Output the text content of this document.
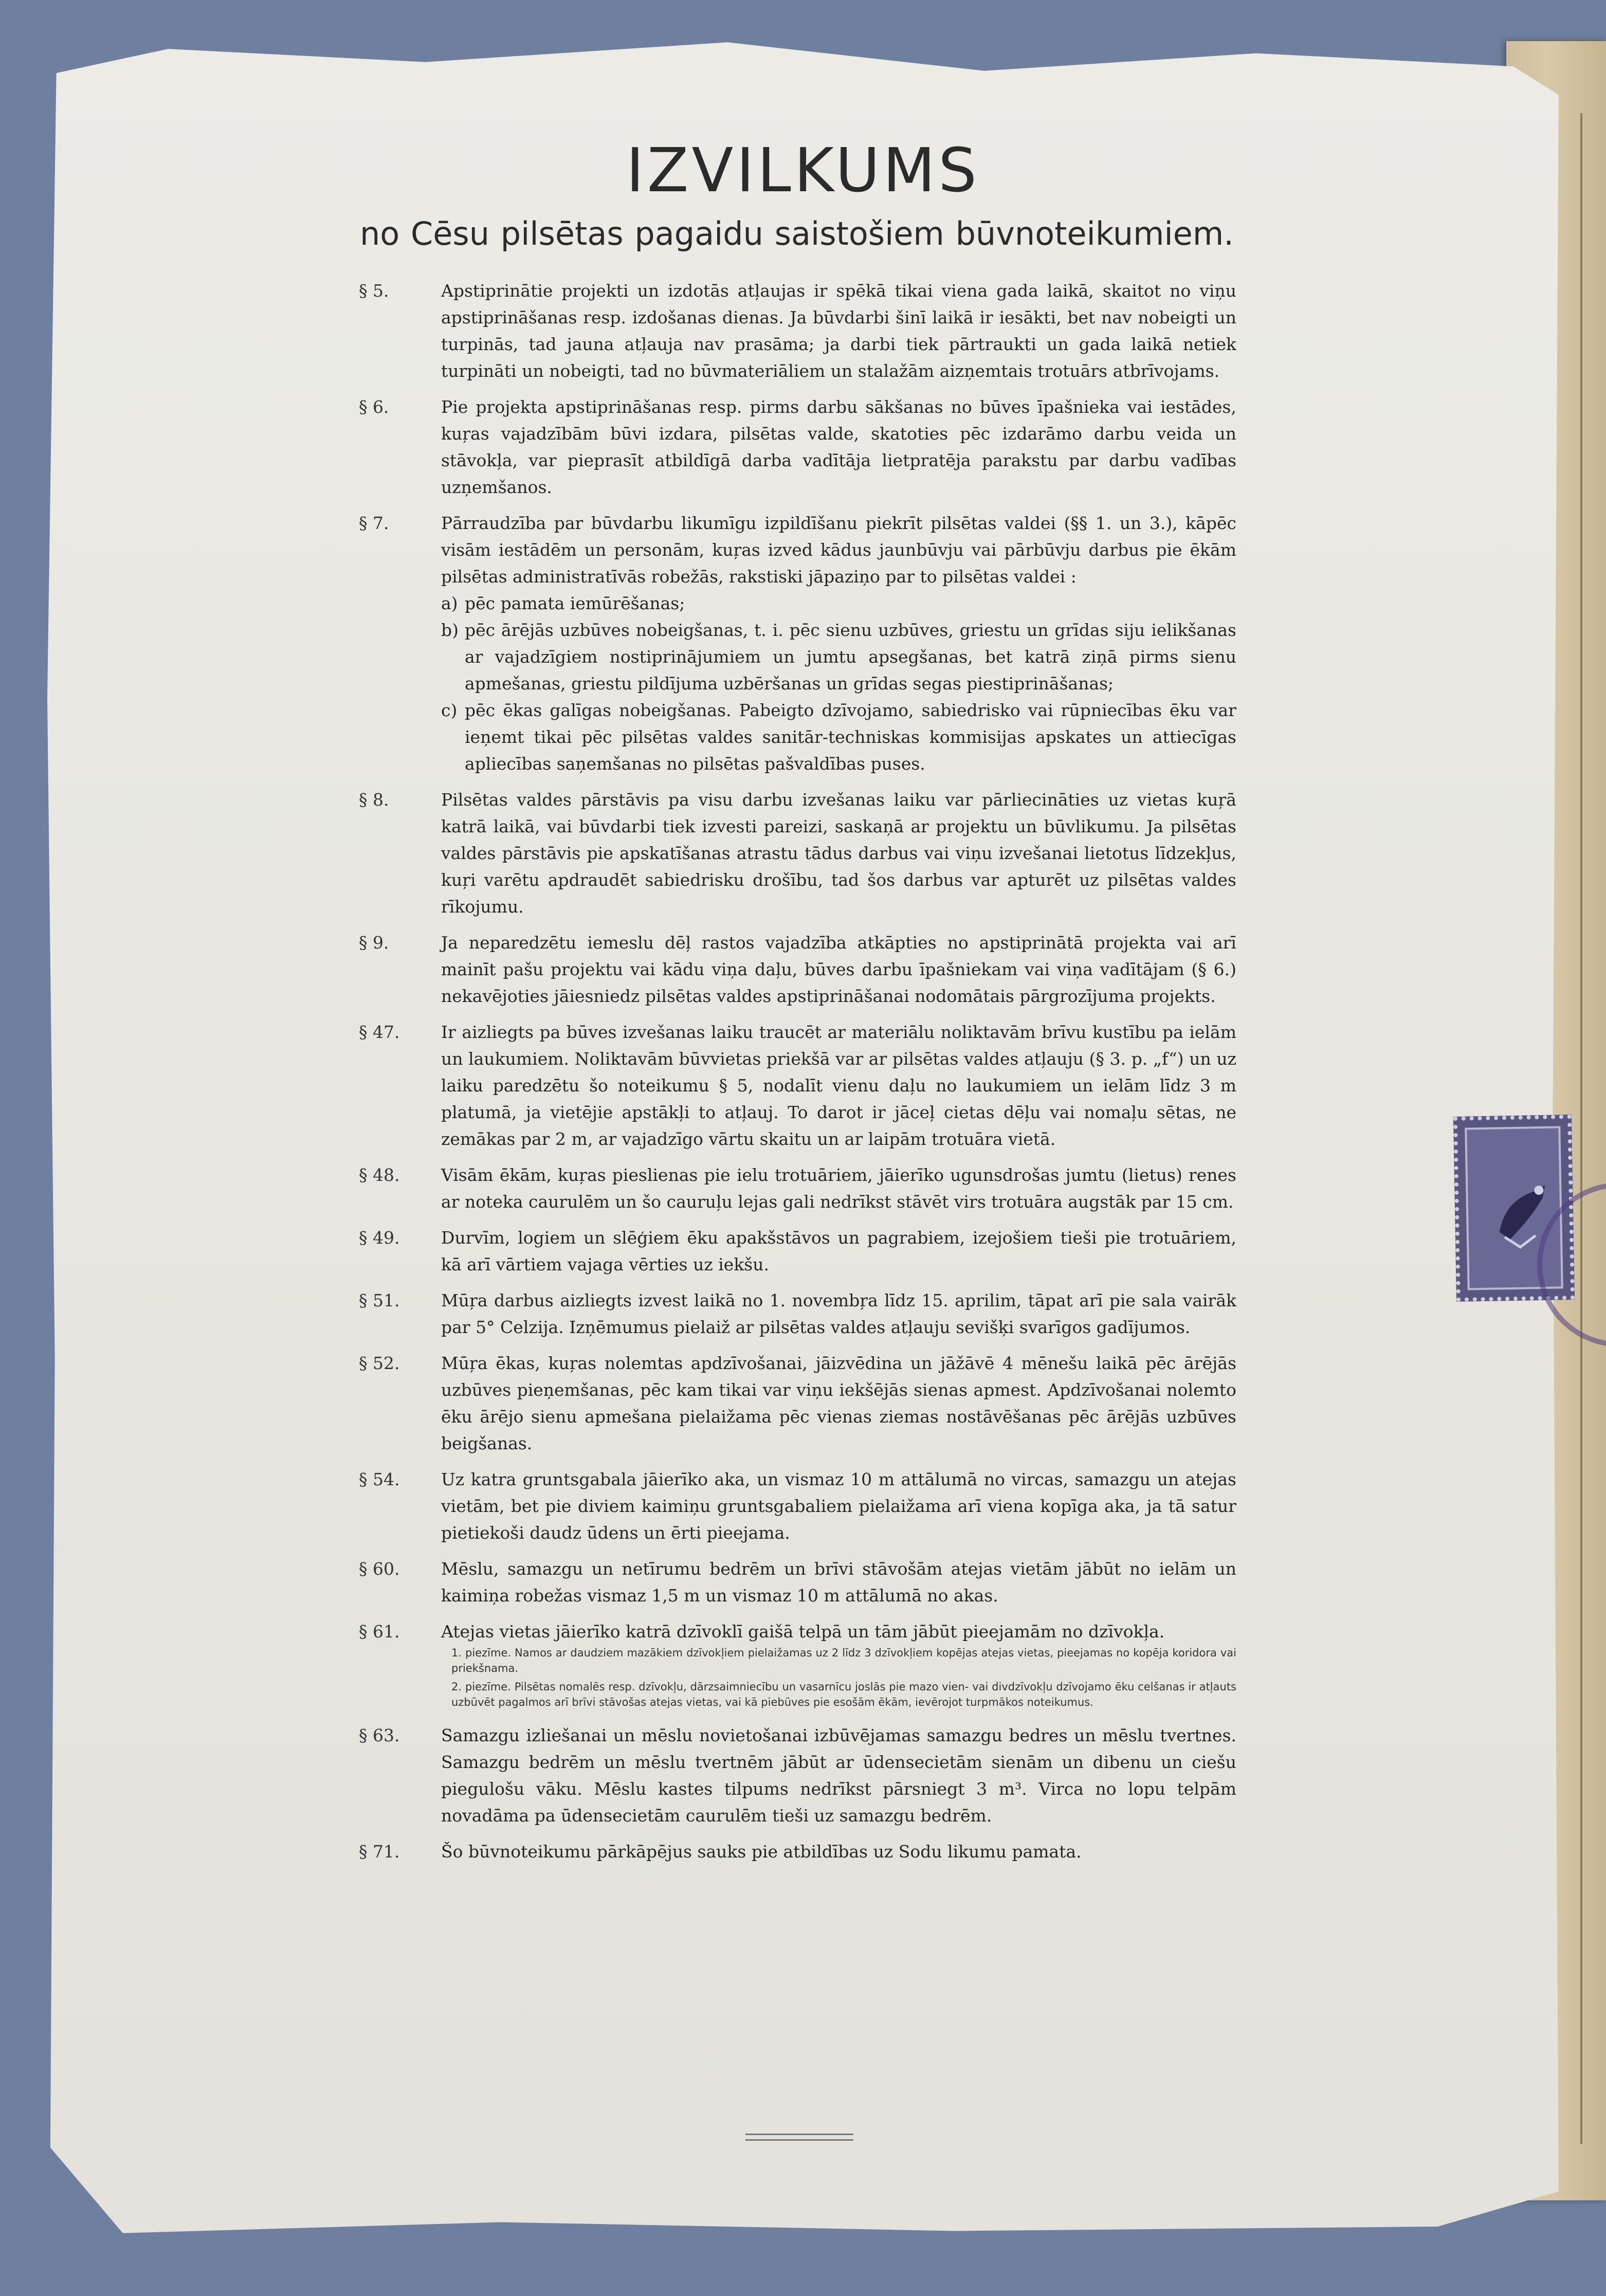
IZVILKUMS

no Cēsu pilsētas pagaidu saistošiem būvnoteikumiem.

§ 5.	Apstiprinātie projekti un izdotās atļaujas ir spēkā tikai viena gada laikā, skaitot no viņu apstiprināšanas resp. izdošanas dienas. Ja būvdarbi šinī laikā ir iesākti, bet nav nobeigti un turpinās, tad jauna atļauja nav prasāma; ja darbi tiek pārtraukti un gada laikā netiek turpināti un nobeigti, tad no būvmateriāliem un stalažām aizņemtais trotuārs atbrīvojams.

§ 6.	Pie projekta apstiprināšanas resp. pirms darbu sākšanas no būves īpašnieka vai iestādes, kuŗas vajadzībām būvi izdara, pilsētas valde, skatoties pēc izdarāmo darbu veida un stāvokļa, var pieprasīt atbildīgā darba vadītāja lietpratēja parakstu par darbu vadības uzņemšanos.

§ 7.	Pārraudzība par būvdarbu likumīgu izpildīšanu piekrīt pilsētas valdei (§§ 1. un 3.), kāpēc visām iestādēm un personām, kuŗas izved kādus jaunbūvju vai pārbūvju darbus pie ēkām pilsētas administratīvās robežās, rakstiski jāpaziņo par to pilsētas valdei :

a) pēc pamata iemūrēšanas;

b) pēc ārējās uzbūves nobeigšanas, t. i. pēc sienu uzbūves, griestu un grīdas siju ielikšanas ar vajadzīgiem nostiprinājumiem un jumtu apsegšanas, bet katrā ziņā pirms sienu apmešanas, griestu pildījuma uzbēršanas un grīdas segas piestiprināšanas;

c) pēc ēkas galīgas nobeigšanas. Pabeigto dzīvojamo, sabiedrisko vai rūpniecības ēku var ieņemt tikai pēc pilsētas valdes sanitār-techniskas kommisijas apskates un attiecīgas apliecības saņemšanas no pilsētas pašvaldības puses.

§ 8.	Pilsētas valdes pārstāvis pa visu darbu izvešanas laiku var pārliecināties uz vietas kuŗā katrā laikā, vai būvdarbi tiek izvesti pareizi, saskaņā ar projektu un būvlikumu. Ja pilsētas valdes pārstāvis pie apskatīšanas atrastu tādus darbus vai viņu izvešanai lietotus līdzekļus, kuŗi varētu apdraudēt sabiedrisku drošību, tad šos darbus var apturēt uz pilsētas valdes rīkojumu.

§ 9.	Ja neparedzētu iemeslu dēļ rastos vajadzība atkāpties no apstiprinātā projekta vai arī mainīt pašu projektu vai kādu viņa daļu, būves darbu īpašniekam vai viņa vadītājam (§ 6.) nekavējoties jāiesniedz pilsētas valdes apstiprināšanai nodomātais pārgrozījuma projekts.

§ 47.	Ir aizliegts pa būves izvešanas laiku traucēt ar materiālu noliktavām brīvu kustību pa ielām un laukumiem. Noliktavām būvvietas priekšā var ar pilsētas valdes atļauju (§ 3. p. „f“) un uz laiku paredzētu šo noteikumu § 5, nodalīt vienu daļu no laukumiem un ielām līdz 3 m platumā, ja vietējie apstākļi to atļauj. To darot ir jāceļ cietas dēļu vai nomaļu sētas, ne zemākas par 2 m, ar vajadzīgo vārtu skaitu un ar laipām trotuāra vietā.

§ 48.	Visām ēkām, kuŗas pieslienas pie ielu trotuāriem, jāierīko ugunsdrošas jumtu (lietus) renes ar noteka caurulēm un šo cauruļu lejas gali nedrīkst stāvēt virs trotuāra augstāk par 15 cm.

§ 49.	Durvīm, logiem un slēģiem ēku apakšstāvos un pagrabiem, izejošiem tieši pie trotuāriem, kā arī vārtiem vajaga vērties uz iekšu.

§ 51.	Mūŗa darbus aizliegts izvest laikā no 1. novembŗa līdz 15. aprilim, tāpat arī pie sala vairāk par 5° Celzija. Izņēmumus pielaiž ar pilsētas valdes atļauju sevišķi svarīgos gadījumos.

§ 52.	Mūŗa ēkas, kuŗas nolemtas apdzīvošanai, jāizvēdina un jāžāvē 4 mēnešu laikā pēc ārējās uzbūves pieņemšanas, pēc kam tikai var viņu iekšējās sienas apmest. Apdzīvošanai nolemto ēku ārējo sienu apmešana pielaižama pēc vienas ziemas nostāvēšanas pēc ārējās uzbūves beigšanas.

§ 54.	Uz katra gruntsgabala jāierīko aka, un vismaz 10 m attālumā no vircas, samazgu un atejas vietām, bet pie diviem kaimiņu gruntsgabaliem pielaižama arī viena kopīga aka, ja tā satur pietiekoši daudz ūdens un ērti pieejama.

§ 60.	Mēslu, samazgu un netīrumu bedrēm un brīvi stāvošām atejas vietām jābūt no ielām un kaimiņa robežas vismaz 1,5 m un vismaz 10 m attālumā no akas.

§ 61.	Atejas vietas jāierīko katrā dzīvoklī gaišā telpā un tām jābūt pieejamām no dzīvokļa.

1. piezīme. Namos ar daudziem mazākiem dzīvokļiem pielaižamas uz 2 līdz 3 dzīvokļiem kopējas atejas vietas, pieejamas no kopēja koridora vai priekšnama.

2. piezīme. Pilsētas nomalēs resp. dzīvokļu, dārzsaimniecību un vasarnīcu joslās pie mazo vien- vai divdzīvokļu dzīvojamo ēku celšanas ir atļauts uzbūvēt pagalmos arī brīvi stāvošas atejas vietas, vai kā piebūves pie esošām ēkām, ievērojot turpmākos noteikumus.

§ 63.	Samazgu izliešanai un mēslu novietošanai izbūvējamas samazgu bedres un mēslu tvertnes. Samazgu bedrēm un mēslu tvertnēm jābūt ar ūdensecietām sienām un dibenu un ciešu piegulošu vāku. Mēslu kastes tilpums nedrīkst pārsniegt 3 m³. Virca no lopu telpām novadāma pa ūdensecietām caurulēm tieši uz samazgu bedrēm.

§ 71.	Šo būvnoteikumu pārkāpējus sauks pie atbildības uz Sodu likumu pamata.
